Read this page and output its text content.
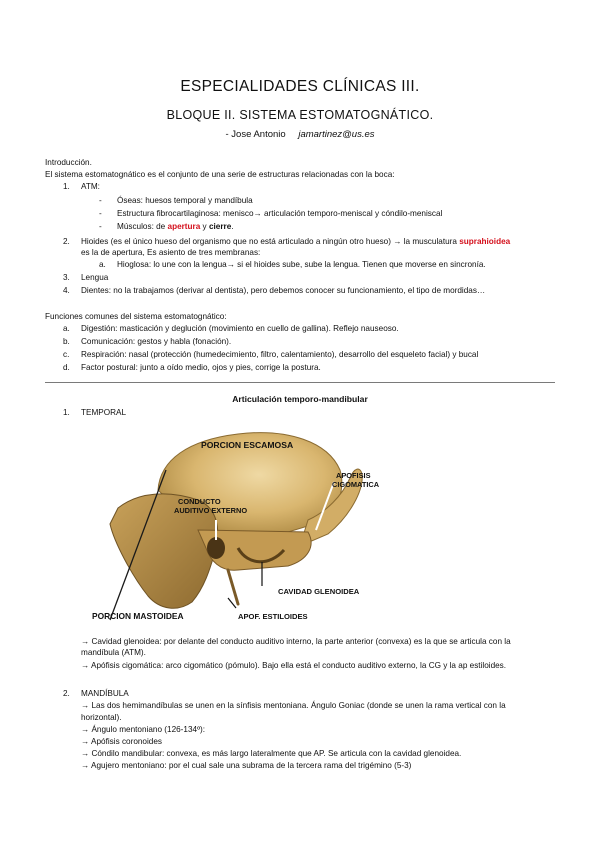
ESPECIALIDADES CLÍNICAS III.
BLOQUE II. SISTEMA ESTOMATOGNÁTICO.
- Jose Antonio jamartinez@us.es
Introducción.
El sistema estomatognático es el conjunto de una serie de estructuras relacionadas con la boca:
1. ATM:
- Óseas: huesos temporal y mandíbula
- Estructura fibrocartilaginosa: menisco→ articulación temporo-meniscal y cóndilo-meniscal
- Músculos: de apertura y cierre.
2. Hioides (es el único hueso del organismo que no está articulado a ningún otro hueso) → la musculatura suprahioidea
es la de apertura, Es asiento de tres membranas:
a. Hioglosa: lo une con la lengua→ si el hioides sube, sube la lengua. Tienen que moverse en sincronía.
3. Lengua
4. Dientes: no la trabajamos (derivar al dentista), pero debemos conocer su funcionamiento, el tipo de mordidas…
Funciones comunes del sistema estomatognático:
a. Digestión: masticación y deglución (movimiento en cuello de gallina). Reflejo nauseoso.
b. Comunicación: gestos y habla (fonación).
c. Respiración: nasal (protección (humedecimiento, filtro, calentamiento), desarrollo del esqueleto facial) y bucal
d. Factor postural: junto a oído medio, ojos y pies, corrige la postura.
Articulación temporo-mandibular
1. TEMPORAL
PORCION ESCAMOSA
APOFISIS
CIGOMATICA
CONDUCTO
AUDITIVO EXTERNO
CAVIDAD GLENOIDEA
PORCION MASTOIDEA	APOF. ESTILOIDES
→ Cavidad glenoidea: por delante del conducto auditivo interno, la parte anterior (convexa) es la que se articula con la
mandíbula (ATM).
→ Apófisis cigomática: arco cigomático (pómulo). Bajo ella está el conducto auditivo externo, la CG y la ap estiloides.
2. MANDÍBULA
→ Las dos hemimandíbulas se unen en la sínfisis mentoniana. Ángulo Goniac (donde se unen la rama vertical con la
horizontal).
→ Ángulo mentoniano (126-134º):
→ Apófisis coronoides
→ Cóndilo mandibular: convexa, es más largo lateralmente que AP. Se articula con la cavidad glenoidea.
→ Agujero mentoniano: por el cual sale una subrama de la tercera rama del trigémino (5-3)
